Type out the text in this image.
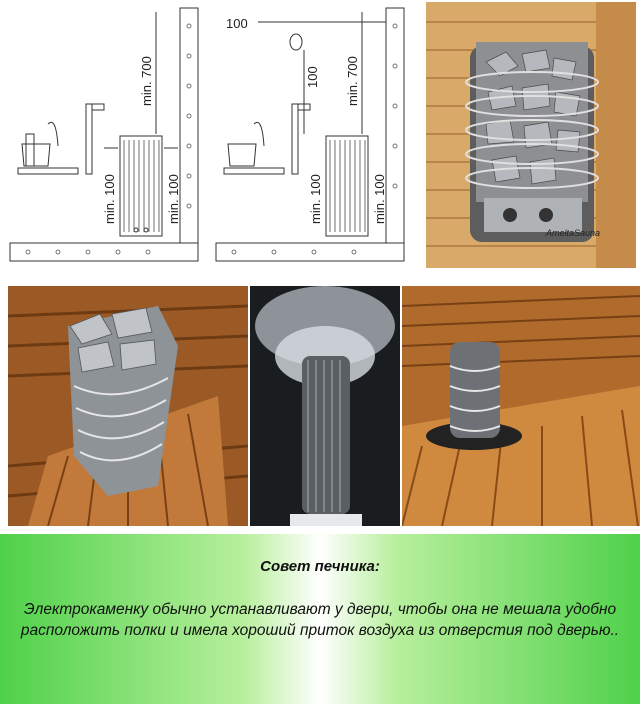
min. 700
min. 100	min. 100
100
100 min. 700
min. 100	min. 100
AmeltaSauna
Совет печника:
Электрокаменку обычно устанавливают у двери, чтобы она не мешала удобно расположить полки и имела хороший приток воздуха из отверстия под дверью..
